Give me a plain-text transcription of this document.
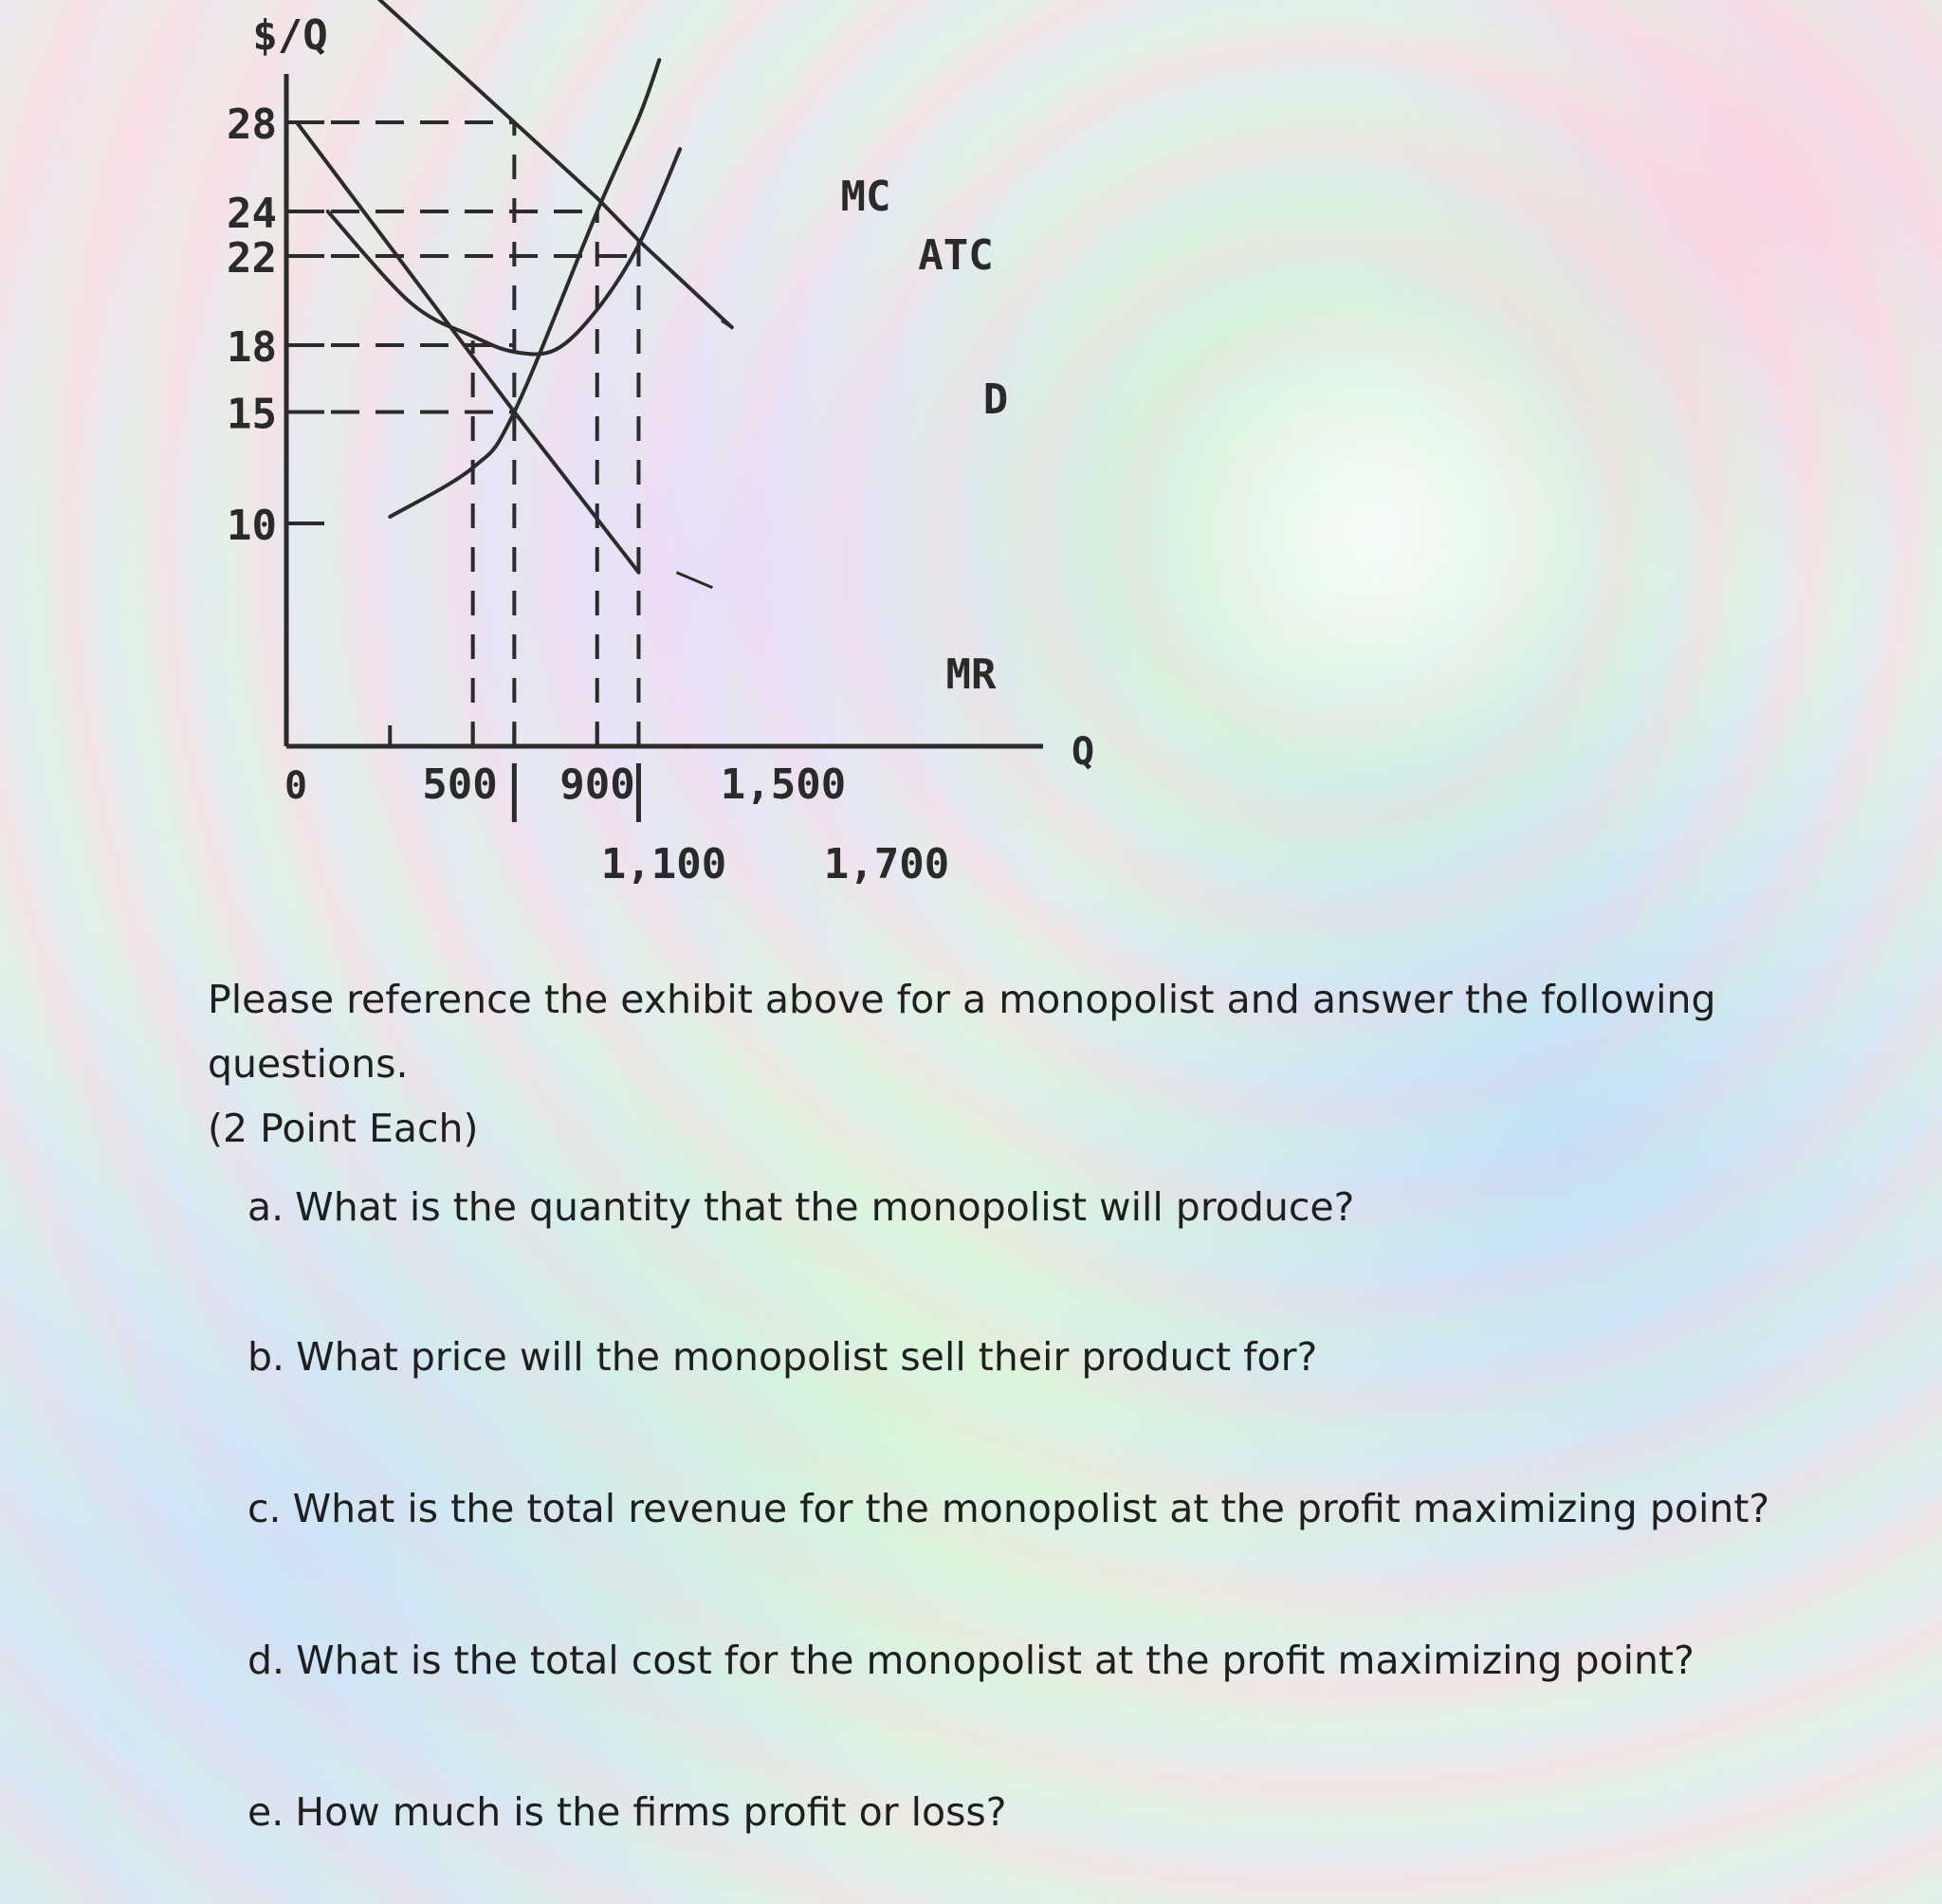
28
24
22
18
15
10
0	500 900 1,500
1,100 1,700
$/Q
Q
D
MR
MC
ATC

Please reference the exhibit above for a monopolist and answer the following questions.

(2 Point Each)

a. What is the quantity that the monopolist will produce?
b. What price will the monopolist sell their product for?
c. What is the total revenue for the monopolist at the profit maximizing point?
d. What is the total cost for the monopolist at the profit maximizing point?
e. How much is the firms profit or loss?
